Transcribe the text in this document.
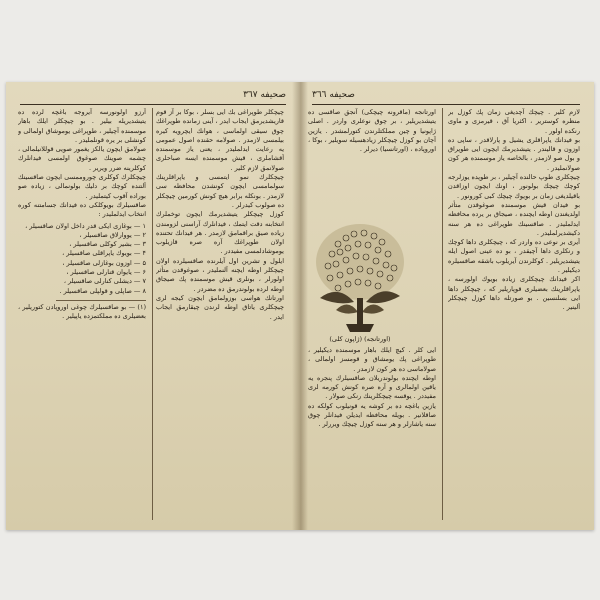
صحيفه ٣٦٧

چيچكلر طوپراغى بك ايى بسلر ، بوكا بر آز قوم قاريشديرمق ايجاب ايدر ، آينى زمانده طوپراغك چوق سيقى اولماسى ، هوانك ايچرويه كيره بيلمسى لازمدر . صولامه حقنده اصول عمومى يه رعايت ايدلمليدر ، يعنى ياز موسمنده آقشاملرى ، قيش موسمنده ايسه صباحلرى صولانمق لازم كلير .

چيچكلرك نمو ايتمسى و ياپراقلرينك سولمامسى ايچون كونشدن محافظه سى لازمدر . بونكله برابر هيچ كونش كورمين چيچكلر ده صولوب كيدرلر .

كوزل چيچكلر يتيشديرمك ايچون توخملرك انتخابنه دقت ايتمك ، فيدانلرك آراسنى لزومندن زياده صيق براقمامق لازمدر . هر فيدانك تحتنده اولان طوپراغك آره صره قازيلوب يوموشادلمسى مفيددر .

ايلول و تشرين اول آيلرنده صاقسيلرده اولان چيچكلر اوطه ايچنه آلنمليدر ، صوغوقدن متأثر اولورلر ، بونلرى قيش موسمنده پك صيجاق اوطه لرده بولوندرمق ده مضردر .

اورتانك هواسى بوزولمامق ايچون كيجه لرى چيچكلرى ياتاق اوطه لرندن چيقارمق ايجاب ايدر .

آرزو اولونورسه آيروجه باغچه لرده ده يتيشديريله بيلير . بو چيچكلر ايلك باهار موسمنده آچيلير ، طوپراغى يوموشاق اولمالى و كونشلى بر يره قونلمليدر .

صولامق ايچون يالكز يغمور صويى قوللانيلمالى ، چشمه صوينك صوغوق اولمسى فيدانلرك كوكلرينه ضرر ويرير .

چيچكلرك كوكلرى چوروممسى ايچون صاقسينك آلتنده كوچك بر دليك بولونمالى ، زياده صو بوراده آقوب كيتمليدر .

صاقسيلرك بويوكلكى ده فيدانك جسامتنه كوره انتخاب ايدلمليدر :

۱ — بوغازى ايكى قدر داخل اولان صاقسيلر ،
۲ — يووارلاق صاقسيلر ،
۳ — بشير كوكلى صاقسيلر ،
۴ — بويوك ياپراقلى صاقسيلر ،
۵ — اوزون بوغازلى صاقسيلر ،
۶ — يايوان قنارلى صاقسيلر ،
۷ — ديشلى كنارلى صاقسيلر ،
۸ — صاپلى و قولپلى صاقسيلر .

(۱) — بو صاقسيلرك چوغى اوروپادن كتوريلير ، بعضيلرى ده مملكتمزده ياپيلير .

صحيفه ٣٦٦

لازم كلير . چيچك آچديغى زمان پك كوزل بر منظره كوسترير ، اكثريا آق ، قيرمزى و ماوى رنكده اولور .

بو فيدانك ياپراقلرى يشيل و پارلاقدر ، ساپى ده اوزون و قاليندر . يتيشديرمك ايچون ايى طوپراق و بول صو لازمدر ، بالخاصه ياز موسمنده هر كون صولانمليدر .

چيچكلرى طوپ حالنده آچيلير ، بر طوپده يوزلرجه كوچك چيچك بولونور ، اونك ايچون اوزاقدن باقيلديغى زمان بر بويوك چيچك كبى كورونور .

بو فيدان قيش موسمنده صوغوقدن متأثر اولديغندن اوطه ايچنده ، صيجاق بر يرده محافظه ايدلمليدر . صاقسينك طوپراغى ده هر سنه دكيشديرلمليدر .

آيرى بر نوعى ده واردر كه ، چيچكلرى داها كوچك و رنكلرى داها آچيقدر ، بو ده عينى اصول ايله يتيشديريلير . كوكلرندن آيريلوب باشقه صاقسيلره ديكيلير .

اكر فيدانك چيچكلرى زياده بويوك اولورسه ، ياپراقلرينك بعضيلرى قوپاريلير كه ، چيچكلر داها ايى بسلنسين . بو صورتله داها كوزل چيچكلر آلينير .

اورتانجه (ماقرونه چيچكى) آنجق صاقسى ده يتيشديريلير ، بر چوق نوعلرى واردر . اصلى ژاپونيا و چين مملكتلرندن كتورلمشدر . يازين آچان بو كوزل چيچكلر زيادهسيله سويلير ، بوكا ، اوروپاده ، (اورتانسيا) ديرلر .

(اورتانجه) (ژاپون كلى)

ايى كلر . كيچ ايلك باهار موسمنده ديكيلير ، طوپراغى پك يومشاق و قومسز اولمالى ، صولاماسى ده هر كون لازمدر .

اوطه ايچنده بولوندريلان صاقسيلرك پنجره يه ياقين اولمالرى و آره صره كونش كورمه لرى مفيددر . يوقسه چيچكلرينك رنكى صولار .

يازين باغچه ده بر كوشه يه قونيلوب كولكه ده صاقلانير . بويله محافظه ايديلن فيدانلر چوق سنه ياشارلر و هر سنه كوزل چيچك ويررلر .
